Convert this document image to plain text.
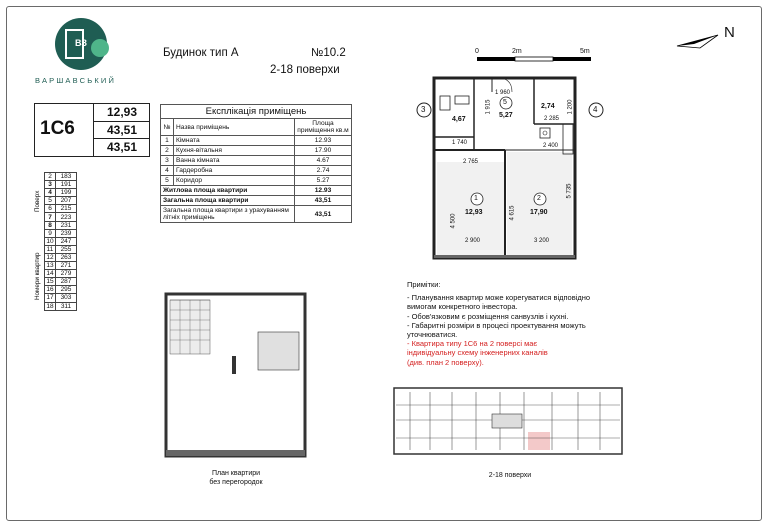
ВАРШАВСЬКИЙ
ВЗ
Будинок тип А	№10.2
2-18 поверхи
1С6
12,93
43,51
43,51
Експлікація приміщень		
№	Назва приміщень	Площа приміщення кв.м
1	Кімната	12.93
2	Кухня-вітальня	17.90
3	Ванна кімната	4.67
4	Гардеробна	2.74
5	Коридор	5.27
Житлова площа квартири		12.93
Загальна площа квартири		43,51
Загальна площа квартири з урахуванням літніх приміщень		43,51
Поверх
Номери квартир
2	183
3	191
4	199
5	207
6	215
7	223
8	231
9	239
10	247
11	255
12	263
13	271
14	279
15	287
16	295
17	303
18	311
0	2m	5m
N
3	4
1	2
5
12,93	17,90
4,67
2,74
5,27
1 960
2 765
2 285
1 740	2 400
2 900	3 200
4 500
4 615
5 735
1 915	1 200
Примітки:
- Планування квартир може корегуватися відповідно
вимогам конкретного інвестора.
- Обов'язковим є розміщення санвузлів і кухні.
- Габаритні розміри в процесі проектування можуть
уточнюватися.
- Квартира типу 1С6 на 2 поверсі має
індивідуальну схему інженерних каналів
(див. план 2 поверху).
План квартири
без перегородок
2-18 поверхи
